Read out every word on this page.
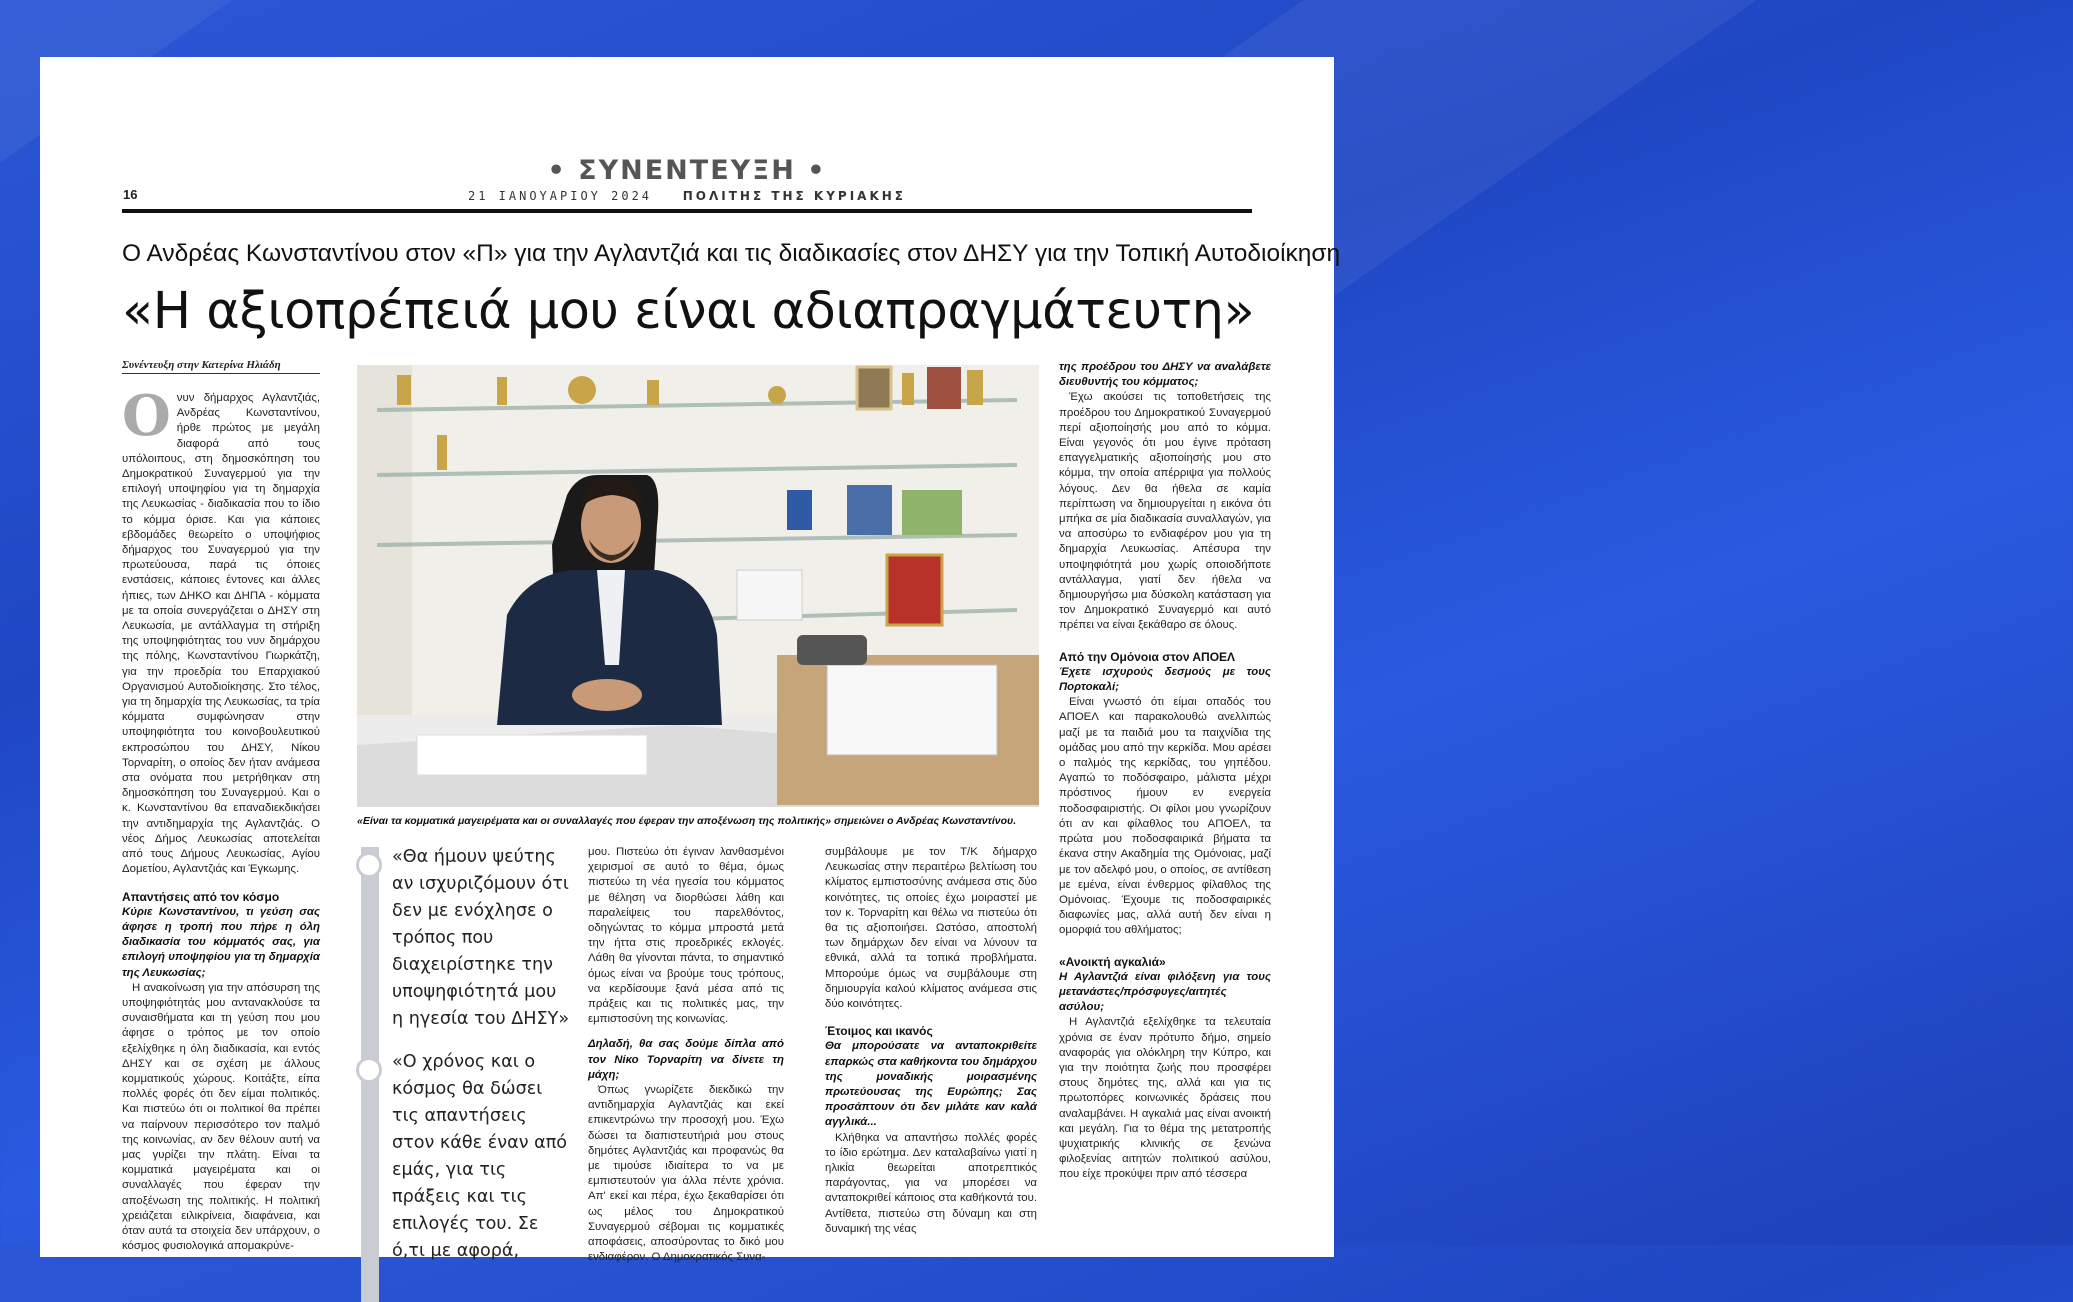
• ΣΥΝΕΝΤΕΥΞΗ •
16	21 ΙΑΝΟΥΑΡΙΟΥ 2024	ΠΟΛΙΤΗΣ ΤΗΣ ΚΥΡΙΑΚΗΣ
Ο Ανδρέας Κωνσταντίνου στον «Π» για την Αγλαντζιά και τις διαδικασίες στον ΔΗΣΥ για την Τοπική Αυτοδιοίκηση
«Η αξιοπρέπειά μου είναι αδιαπραγμάτευτη»
Συνέντευξη στην Κατερίνα Ηλιάδη

Ονυν δήμαρχος Αγλαντζιάς, Ανδρέας Κωνσταντίνου, ήρθε πρώτος με μεγάλη διαφορά από τους υπόλοιπους, στη δημοσκόπηση του Δημοκρατικού Συναγερμού για την επιλογή υποψηφίου για τη δημαρχία της Λευκωσίας - διαδικασία που το ίδιο το κόμμα όρισε. Και για κάποιες εβδομάδες θεωρείτο ο υποψήφιος δήμαρχος του Συναγερμού για την πρωτεύουσα, παρά τις όποιες ενστάσεις, κάποιες έντονες και άλλες ήπιες, των ΔΗΚΟ και ΔΗΠΑ - κόμματα με τα οποία συνεργάζεται ο ΔΗΣΥ στη Λευκωσία, με αντάλλαγμα τη στήριξη της υποψηφιότητας του νυν δημάρχου της πόλης, Κωνσταντίνου Γιωρκάτζη, για την προεδρία του Επαρχιακού Οργανισμού Αυτοδιοίκησης. Στο τέλος, για τη δημαρχία της Λευκωσίας, τα τρία κόμματα συμφώνησαν στην υποψηφιότητα του κοινοβουλευτικού εκπροσώπου του ΔΗΣΥ, Νίκου Τορναρίτη, ο οποίος δεν ήταν ανάμεσα στα ονόματα που μετρήθηκαν στη δημοσκόπηση του Συναγερμού. Και ο κ. Κωνσταντίνου θα επαναδιεκδικήσει την αντιδημαρχία της Αγλαντζιάς. Ο νέος Δήμος Λευκωσίας αποτελείται από τους Δήμους Λευκωσίας, Αγίου Δομετίου, Αγλαντζιάς και Έγκωμης.

Απαντήσεις από τον κόσμο

Κύριε Κωνσταντίνου, τι γεύση σας άφησε η τροπή που πήρε η όλη διαδικασία του κόμματός σας, για επιλογή υποψηφίου για τη δημαρχία της Λευκωσίας;

Η ανακοίνωση για την απόσυρση της υποψηφιότητάς μου αντανακλούσε τα συναισθήματα και τη γεύση που μου άφησε ο τρόπος με τον οποίο εξελίχθηκε η όλη διαδικασία, και εντός ΔΗΣΥ και σε σχέση με άλλους κομματικούς χώρους. Κοιτάξτε, είπα πολλές φορές ότι δεν είμαι πολιτικός. Και πιστεύω ότι οι πολιτικοί θα πρέπει να παίρνουν περισσότερο τον παλμό της κοινωνίας, αν δεν θέλουν αυτή να μας γυρίζει την πλάτη. Είναι τα κομματικά μαγειρέματα και οι συναλλαγές που έφεραν την αποξένωση της πολιτικής. Η πολιτική χρειάζεται ειλικρίνεια, διαφάνεια, και όταν αυτά τα στοιχεία δεν υπάρχουν, ο κόσμος φυσιολογικά απομακρύνε-

«Είναι τα κομματικά μαγειρέματα και οι συναλλαγές που έφεραν την αποξένωση της πολιτικής» σημειώνει ο Ανδρέας Κωνσταντίνου.
«Θα ήμουν ψεύτης αν ισχυριζόμουν ότι δεν με ενόχλησε ο τρόπος που διαχειρίστηκε την υποψηφιότητά μου η ηγεσία του ΔΗΣΥ»
«Ο χρόνος και ο κόσμος θα δώσει τις απαντήσεις στον κάθε έναν από εμάς, για τις πράξεις και τις επιλογές του. Σε ό,τι με αφορά,

μου. Πιστεύω ότι έγιναν λανθασμένοι χειρισμοί σε αυτό το θέμα, όμως πιστεύω τη νέα ηγεσία του κόμματος με θέληση να διορθώσει λάθη και παραλείψεις του παρελθόντος, οδηγώντας το κόμμα μπροστά μετά την ήττα στις προεδρικές εκλογές. Λάθη θα γίνονται πάντα, το σημαντικό όμως είναι να βρούμε τους τρόπους, να κερδίσουμε ξανά μέσα από τις πράξεις και τις πολιτικές μας, την εμπιστοσύνη της κοινωνίας.

Δηλαδή, θα σας δούμε δίπλα από τον Νίκο Τορναρίτη να δίνετε τη μάχη;

Όπως γνωρίζετε διεκδικώ την αντιδημαρχία Αγλαντζιάς και εκεί επικεντρώνω την προσοχή μου. Έχω δώσει τα διαπιστευτήριά μου στους δημότες Αγλαντζιάς και προφανώς θα με τιμούσε ιδιαίτερα το να με εμπιστευτούν για άλλα πέντε χρόνια. Απ' εκεί και πέρα, έχω ξεκαθαρίσει ότι ως μέλος του Δημοκρατικού Συναγερμού σέβομαι τις κομματικές αποφάσεις, αποσύροντας το δικό μου ενδιαφέρον. Ο Δημοκρατικός Συνα-

συμβάλουμε με τον Τ/Κ δήμαρχο Λευκωσίας στην περαιτέρω βελτίωση του κλίματος εμπιστοσύνης ανάμεσα στις δύο κοινότητες, τις οποίες έχω μοιραστεί με τον κ. Τορναρίτη και θέλω να πιστεύω ότι θα τις αξιοποιήσει. Ωστόσο, αποστολή των δημάρχων δεν είναι να λύνουν τα εθνικά, αλλά τα τοπικά προβλήματα. Μπορούμε όμως να συμβάλουμε στη δημιουργία καλού κλίματος ανάμεσα στις δύο κοινότητες.

Έτοιμος και ικανός

Θα μπορούσατε να ανταποκριθείτε επαρκώς στα καθήκοντα του δημάρχου της μοναδικής μοιρασμένης πρωτεύουσας της Ευρώπης; Σας προσάπτουν ότι δεν μιλάτε καν καλά αγγλικά...

Κλήθηκα να απαντήσω πολλές φορές το ίδιο ερώτημα. Δεν καταλαβαίνω γιατί η ηλικία θεωρείται αποτρεπτικός παράγοντας, για να μπορέσει να ανταποκριθεί κάποιος στα καθήκοντά του. Αντίθετα, πιστεύω στη δύναμη και στη δυναμική της νέας

της προέδρου του ΔΗΣΥ να αναλάβετε διευθυντής του κόμματος;

Έχω ακούσει τις τοποθετήσεις της προέδρου του Δημοκρατικού Συναγερμού περί αξιοποίησής μου από το κόμμα. Είναι γεγονός ότι μου έγινε πρόταση επαγγελματικής αξιοποίησής μου στο κόμμα, την οποία απέρριψα για πολλούς λόγους. Δεν θα ήθελα σε καμία περίπτωση να δημιουργείται η εικόνα ότι μπήκα σε μία διαδικασία συναλλαγών, για να αποσύρω το ενδιαφέρον μου για τη δημαρχία Λευκωσίας. Απέσυρα την υποψηφιότητά μου χωρίς οποιοδήποτε αντάλλαγμα, γιατί δεν ήθελα να δημιουργήσω μια δύσκολη κατάσταση για τον Δημοκρατικό Συναγερμό και αυτό πρέπει να είναι ξεκάθαρο σε όλους.

Από την Ομόνοια στον ΑΠΟΕΛ

Έχετε ισχυρούς δεσμούς με τους Πορτοκαλί;

Είναι γνωστό ότι είμαι οπαδός του ΑΠΟΕΛ και παρακολουθώ ανελλιπώς μαζί με τα παιδιά μου τα παιχνίδια της ομάδας μου από την κερκίδα. Μου αρέσει ο παλμός της κερκίδας, του γηπέδου. Αγαπώ το ποδόσφαιρο, μάλιστα μέχρι πρόστινος ήμουν εν ενεργεία ποδοσφαιριστής. Οι φίλοι μου γνωρίζουν ότι αν και φίλαθλος του ΑΠΟΕΛ, τα πρώτα μου ποδοσφαιρικά βήματα τα έκανα στην Ακαδημία της Ομόνοιας, μαζί με τον αδελφό μου, ο οποίος, σε αντίθεση με εμένα, είναι ένθερμος φίλαθλος της Ομόνοιας. Έχουμε τις ποδοσφαιρικές διαφωνίες μας, αλλά αυτή δεν είναι η ομορφιά του αθλήματος;

«Ανοικτή αγκαλιά»

Η Αγλαντζιά είναι φιλόξενη για τους μετανάστες/πρόσφυγες/αιτητές ασύλου;

Η Αγλαντζιά εξελίχθηκε τα τελευταία χρόνια σε έναν πρότυπο δήμο, σημείο αναφοράς για ολόκληρη την Κύπρο, και για την ποιότητα ζωής που προσφέρει στους δημότες της, αλλά και για τις πρωτοπόρες κοινωνικές δράσεις που αναλαμβάνει. Η αγκαλιά μας είναι ανοικτή και μεγάλη. Για το θέμα της μετατροπής ψυχιατρικής κλινικής σε ξενώνα φιλοξενίας αιτητών πολιτικού ασύλου, που είχε προκύψει πριν από τέσσερα
